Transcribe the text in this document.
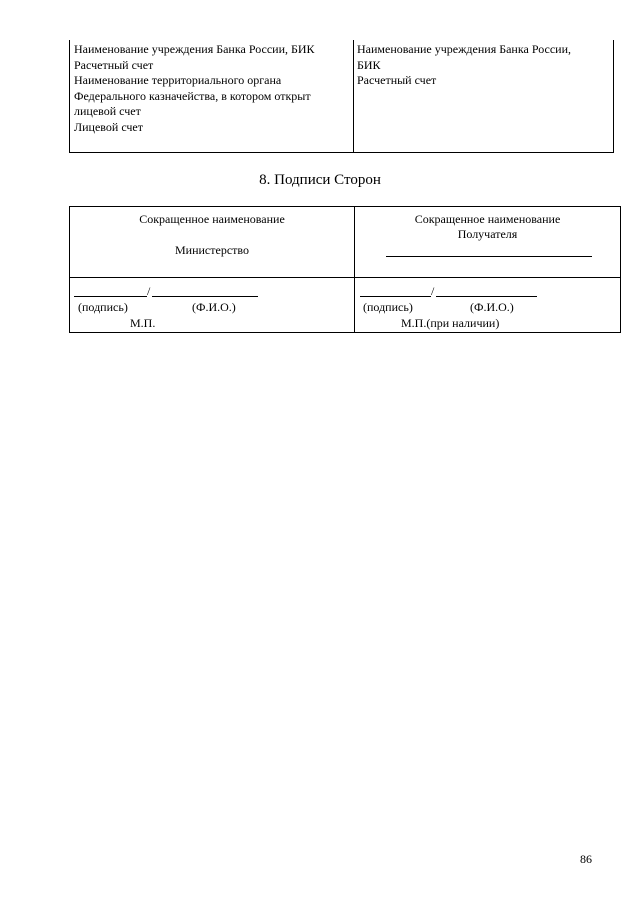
Наименование учреждения Банка России, БИК
Расчетный счет
Наименование территориального органа
Федерального казначейства, в котором открыт
лицевой счет
Лицевой счет
Наименование учреждения Банка России,
БИК
Расчетный счет
8. Подписи Сторон
Сокращенное наименование
Министерство
Сокращенное наименование
Получателя
/
(подпись)	(Ф.И.О.)
М.П.
/
(подпись)	(Ф.И.О.)
М.П.(при наличии)
86
